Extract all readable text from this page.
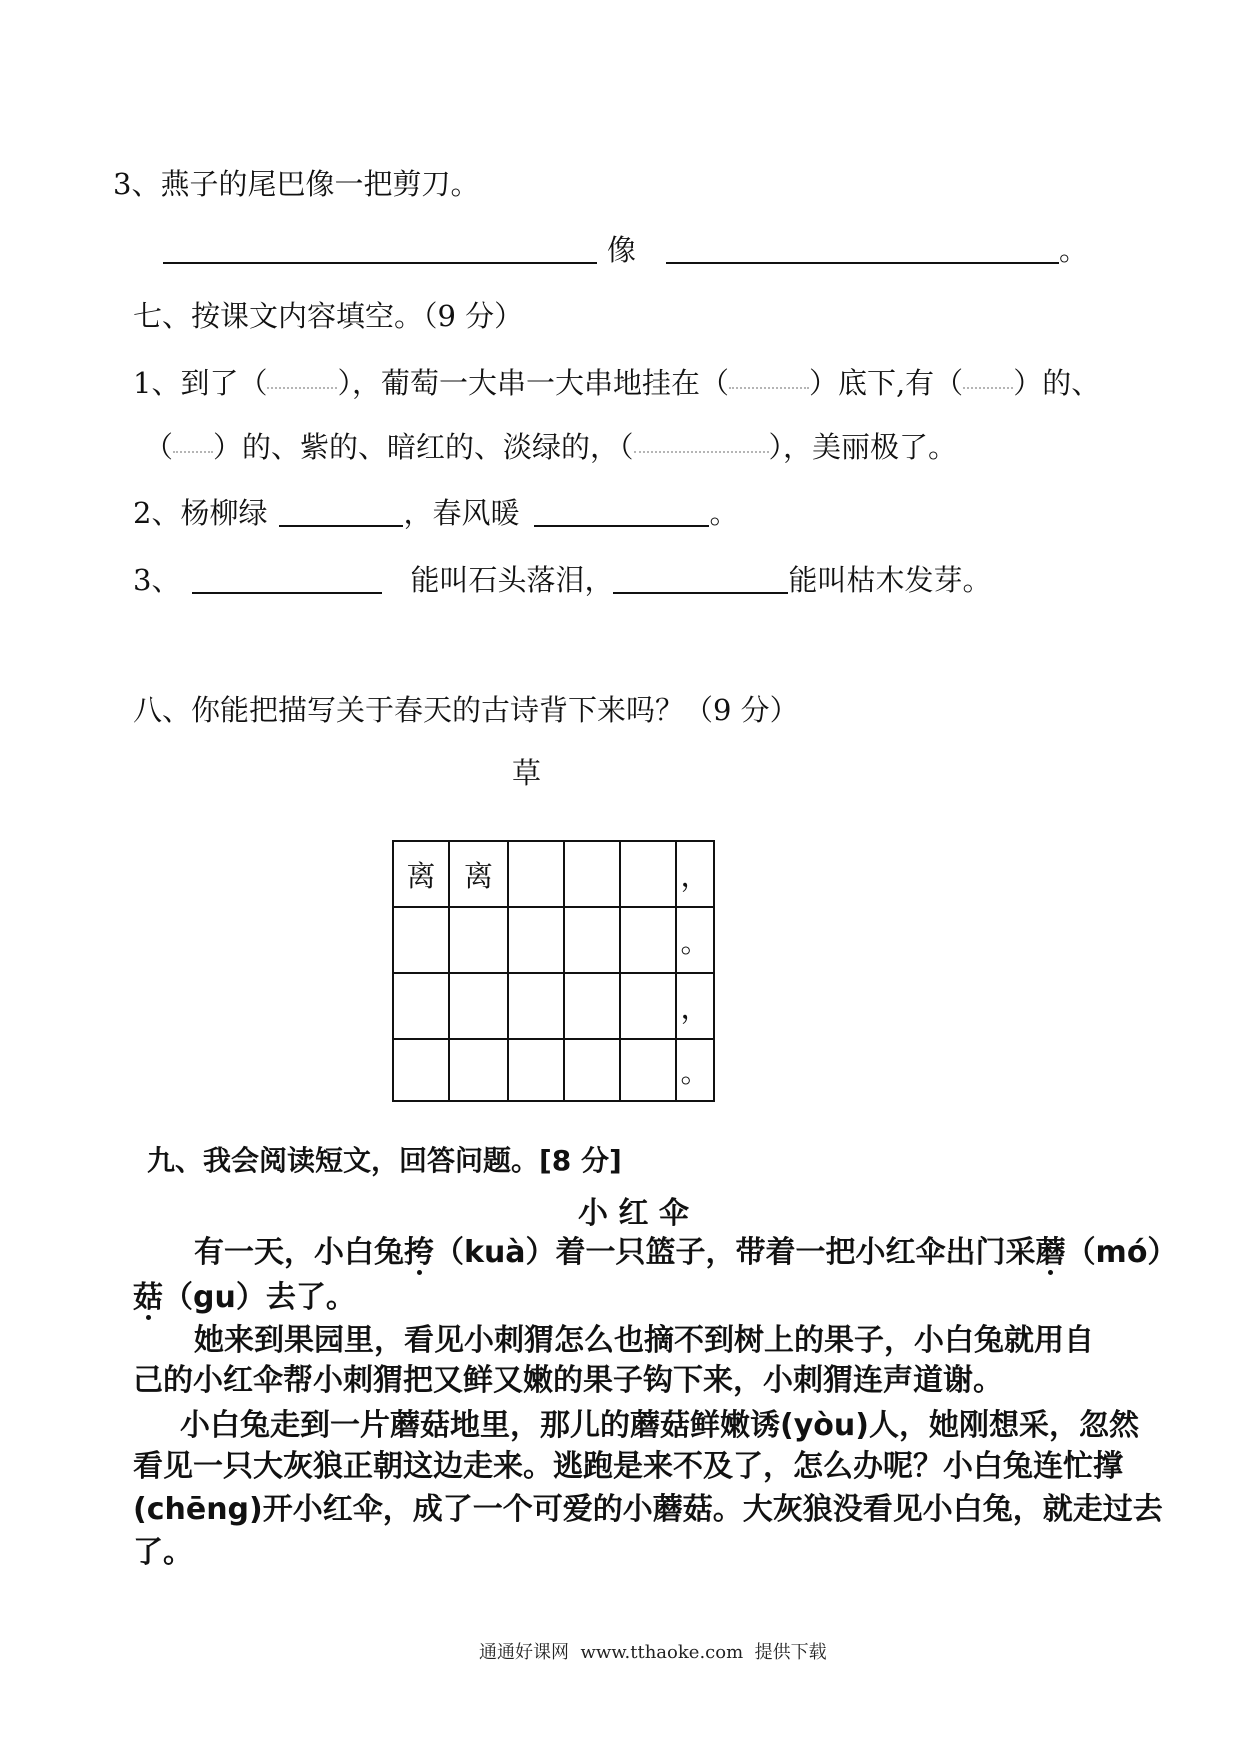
3、燕子的尾巴像一把剪刀。
像	。
七、按课文内容填空。（9 分）
1、到了（ ），葡萄一大串一大串地挂在（	）底下,有（ ）的、
（ ）的、紫的、暗红的、淡绿的，（	），美丽极了。
2、杨柳绿	，春风暖	。
3、	能叫石头落泪，	能叫枯木发芽。
八、你能把描写关于春天的古诗背下来吗？（9 分）
草
离	离				，
					。
					，
					。
九、我会阅读短文，回答问题。[8 分]
小 红 伞
有一天，小白兔挎（kuà）着一只篮子，带着一把小红伞出门采蘑（mó）
菇（gu）去了。
她来到果园里，看见小刺猬怎么也摘不到树上的果子，小白兔就用自
己的小红伞帮小刺猬把又鲜又嫩的果子钩下来，小刺猬连声道谢。
小白兔走到一片蘑菇地里，那儿的蘑菇鲜嫩诱(yòu)人，她刚想采，忽然
看见一只大灰狼正朝这边走来。逃跑是来不及了，怎么办呢？小白兔连忙撑
(chēng)开小红伞，成了一个可爱的小蘑菇。大灰狼没看见小白兔，就走过去
了。
通通好课网  www.tthaoke.com  提供下载
